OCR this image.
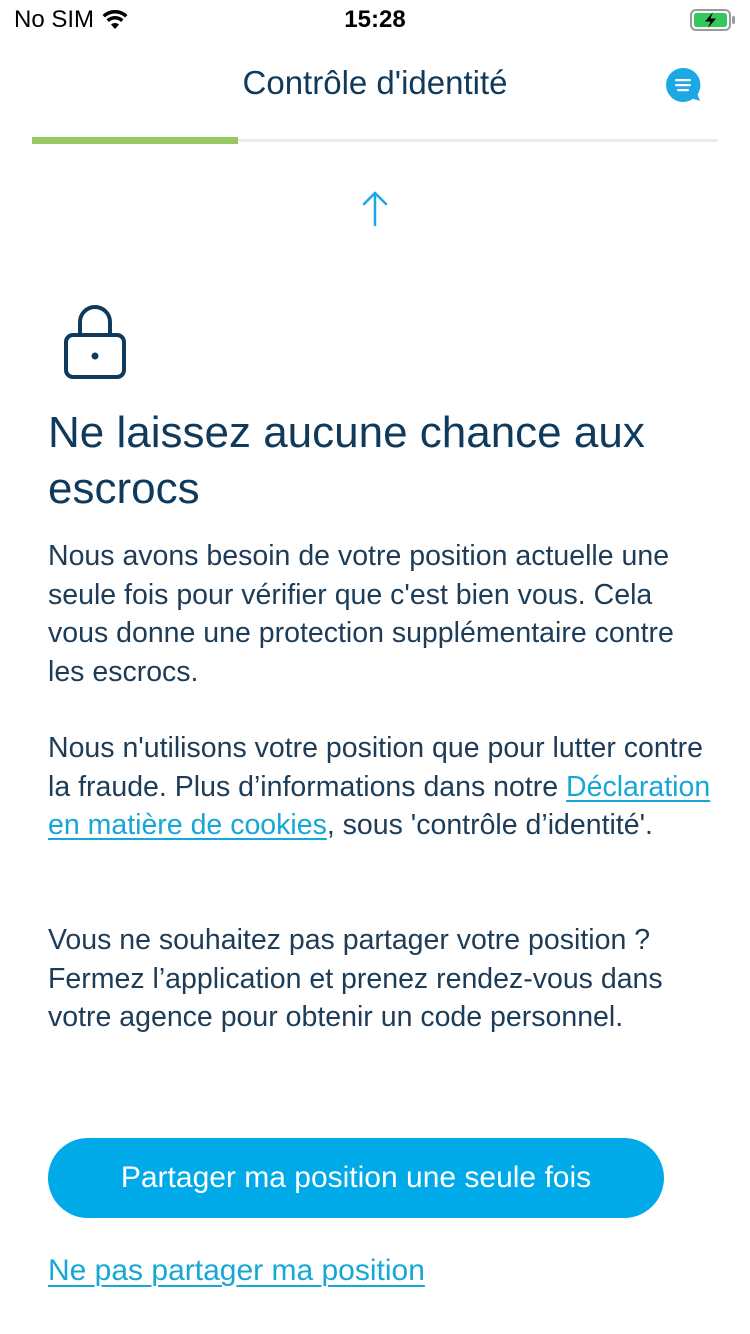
No SIM	15:28
Contrôle d'identité
Ne laissez aucune chance aux escrocs

Nous avons besoin de votre position actuelle une seule fois pour vérifier que c'est bien vous. Cela vous donne une protection supplémentaire contre les escrocs.

Nous n'utilisons votre position que pour lutter contre la fraude. Plus d’informations dans notre Déclaration en matière de cookies, sous 'contrôle d’identité'.

Vous ne souhaitez pas partager votre position ? Fermez l’application et prenez rendez-vous dans votre agence pour obtenir un code personnel.

Partager ma position une seule fois
Ne pas partager ma position
